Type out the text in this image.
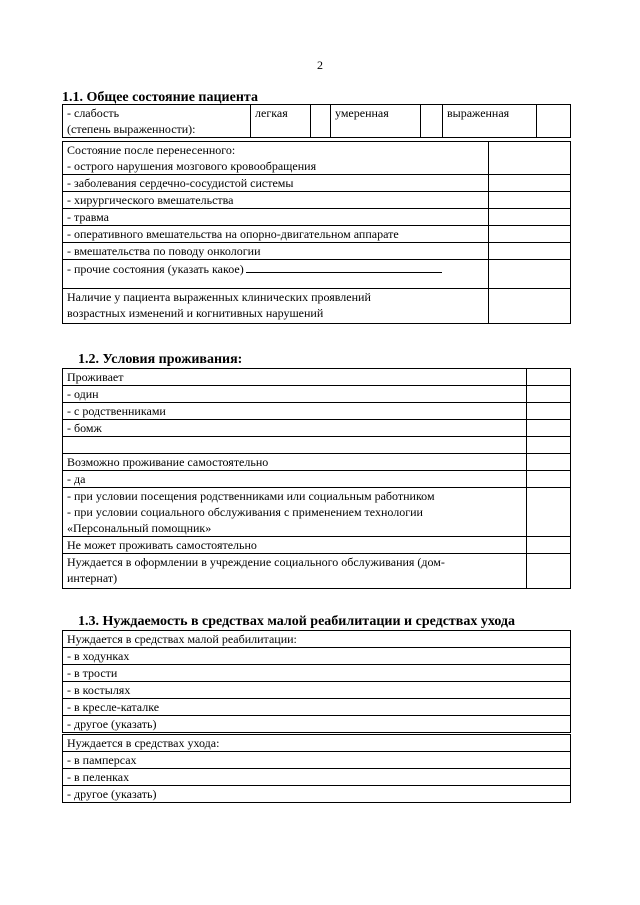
2
1.1. Общее состояние пациента
- слабость
(степень выраженности):
	легкая		умеренная		выраженная	
Состояние после перенесенного:	
- острого нарушения мозгового кровообращения	
- заболевания сердечно-сосудистой системы	
- хирургического вмешательства	
- травма	
- оперативного вмешательства на опорно-двигательном аппарате	
- вмешательства по поводу онкологии	
- прочие состояния (указать какое)	

Наличие у пациента выраженных клинических проявлений
возрастных изменений и когнитивных нарушений	

1.2. Условия проживания:
Проживает	
- один	
- с родственниками	
- бомж	

Возможно проживание самостоятельно	
- да	
- при условии посещения родственниками или социальным работником	
- при условии социального обслуживания с применением технологии	
«Персональный помощник»	
Не может проживать самостоятельно	

Нуждается в оформлении в учреждение социального обслуживания (дом-
интернат)	

1.3. Нуждаемость в средствах малой реабилитации и средствах ухода
Нуждается в средствах малой реабилитации:
- в ходунках
- в трости
- в костылях
- в кресле-каталке
- другое (указать)
Нуждается в средствах ухода:
- в памперсах
- в пеленках
- другое (указать)
